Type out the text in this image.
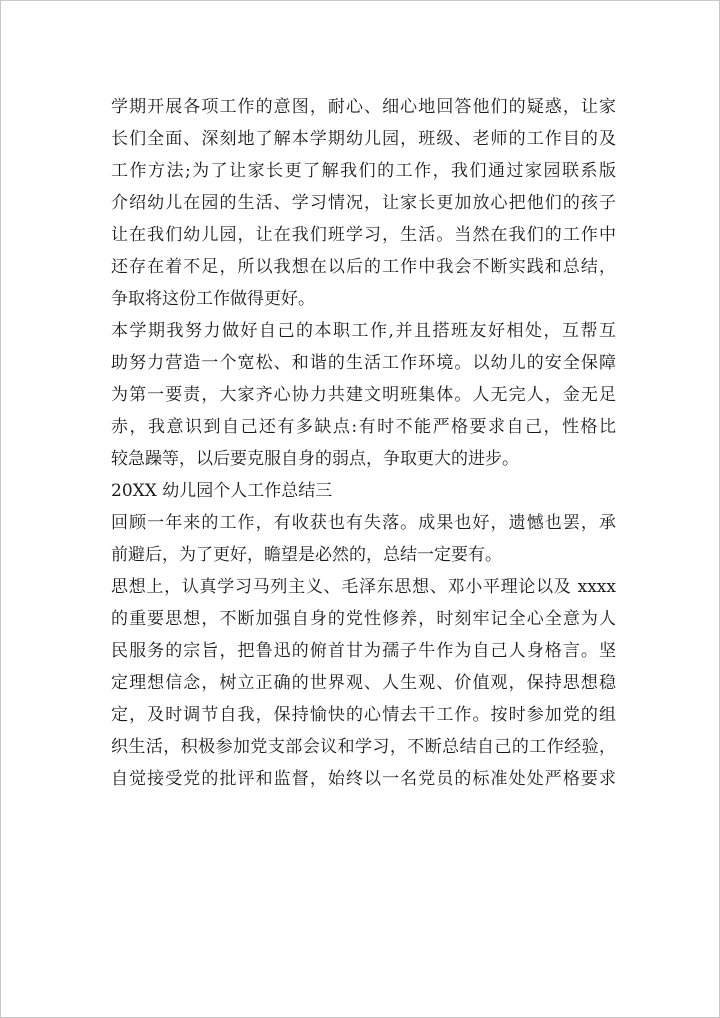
学期开展各项工作的意图，耐心、细心地回答他们的疑惑，让家
长们全面、深刻地了解本学期幼儿园，班级、老师的工作目的及
工作方法;为了让家长更了解我们的工作，我们通过家园联系版
介绍幼儿在园的生活、学习情况，让家长更加放心把他们的孩子
让在我们幼儿园，让在我们班学习，生活。当然在我们的工作中
还存在着不足，所以我想在以后的工作中我会不断实践和总结，
争取将这份工作做得更好。
本学期我努力做好自己的本职工作,并且搭班友好相处，互帮互
助努力营造一个宽松、和谐的生活工作环境。以幼儿的安全保障
为第一要责，大家齐心协力共建文明班集体。人无完人，金无足
赤，我意识到自己还有多缺点:有时不能严格要求自己，性格比
较急躁等，以后要克服自身的弱点，争取更大的进步。
20XX 幼儿园个人工作总结三
回顾一年来的工作，有收获也有失落。成果也好，遗憾也罢，承
前避后，为了更好，瞻望是必然的，总结一定要有。
思想上，认真学习马列主义、毛泽东思想、邓小平理论以及 xxxx
的重要思想，不断加强自身的党性修养，时刻牢记全心全意为人
民服务的宗旨，把鲁迅的俯首甘为孺子牛作为自己人身格言。坚
定理想信念，树立正确的世界观、人生观、价值观，保持思想稳
定，及时调节自我，保持愉快的心情去干工作。按时参加党的组
织生活，积极参加党支部会议和学习，不断总结自己的工作经验，
自觉接受党的批评和监督，始终以一名党员的标准处处严格要求
